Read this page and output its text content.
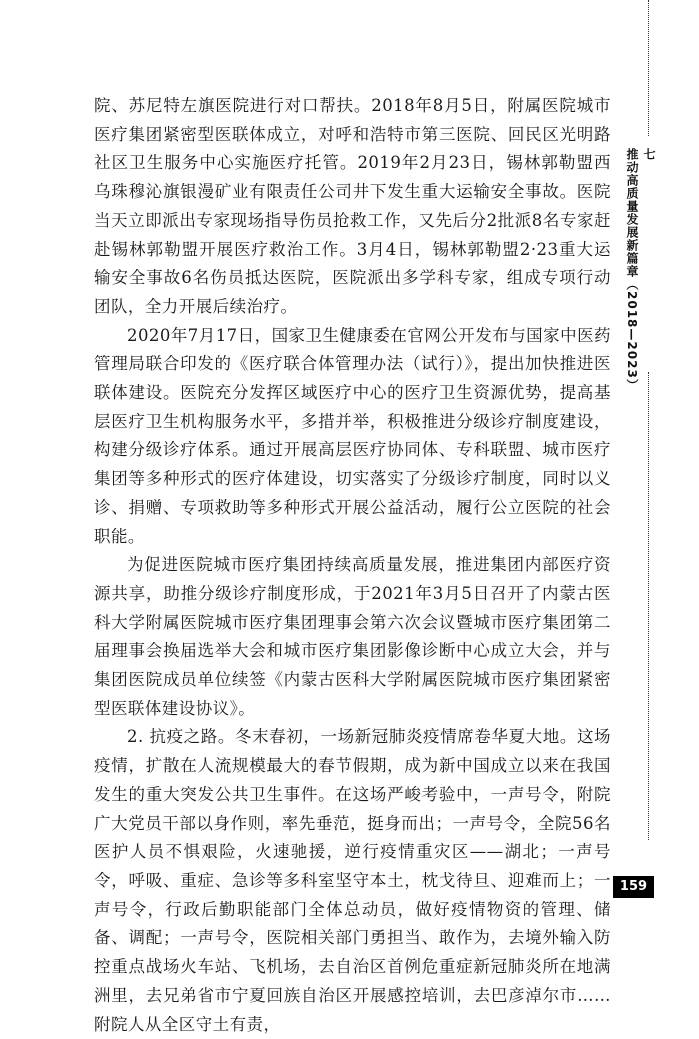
七
推动高质量发展新篇章（2018—2023）

院、苏尼特左旗医院进行对口帮扶。2018年8月5日，附属医院城市医疗集团紧密型医联体成立，对呼和浩特市第三医院、回民区光明路社区卫生服务中心实施医疗托管。2019年2月23日，锡林郭勒盟西乌珠穆沁旗银漫矿业有限责任公司井下发生重大运输安全事故。医院当天立即派出专家现场指导伤员抢救工作，又先后分2批派8名专家赶赴锡林郭勒盟开展医疗救治工作。3月4日，锡林郭勒盟2·23重大运输安全事故6名伤员抵达医院，医院派出多学科专家，组成专项行动团队，全力开展后续治疗。

2020年7月17日，国家卫生健康委在官网公开发布与国家中医药管理局联合印发的《医疗联合体管理办法（试行）》，提出加快推进医联体建设。医院充分发挥区域医疗中心的医疗卫生资源优势，提高基层医疗卫生机构服务水平，多措并举，积极推进分级诊疗制度建设，构建分级诊疗体系。通过开展高层医疗协同体、专科联盟、城市医疗集团等多种形式的医疗体建设，切实落实了分级诊疗制度，同时以义诊、捐赠、专项救助等多种形式开展公益活动，履行公立医院的社会职能。

为促进医院城市医疗集团持续高质量发展，推进集团内部医疗资源共享，助推分级诊疗制度形成，于2021年3月5日召开了内蒙古医科大学附属医院城市医疗集团理事会第六次会议暨城市医疗集团第二届理事会换届选举大会和城市医疗集团影像诊断中心成立大会，并与集团医院成员单位续签《内蒙古医科大学附属医院城市医疗集团紧密型医联体建设协议》。

2. 抗疫之路。冬末春初，一场新冠肺炎疫情席卷华夏大地。这场疫情，扩散在人流规模最大的春节假期，成为新中国成立以来在我国发生的重大突发公共卫生事件。在这场严峻考验中，一声号令，附院广大党员干部以身作则，率先垂范，挺身而出；一声号令，全院56名医护人员不惧艰险，火速驰援，逆行疫情重灾区——湖北；一声号令，呼吸、重症、急诊等多科室坚守本土，枕戈待旦、迎难而上；一声号令，行政后勤职能部门全体总动员，做好疫情物资的管理、储备、调配；一声号令，医院相关部门勇担当、敢作为，去境外输入防控重点战场火车站、飞机场，去自治区首例危重症新冠肺炎所在地满洲里，去兄弟省市宁夏回族自治区开展感控培训，去巴彦淖尔市……附院人从全区守土有责，

159
